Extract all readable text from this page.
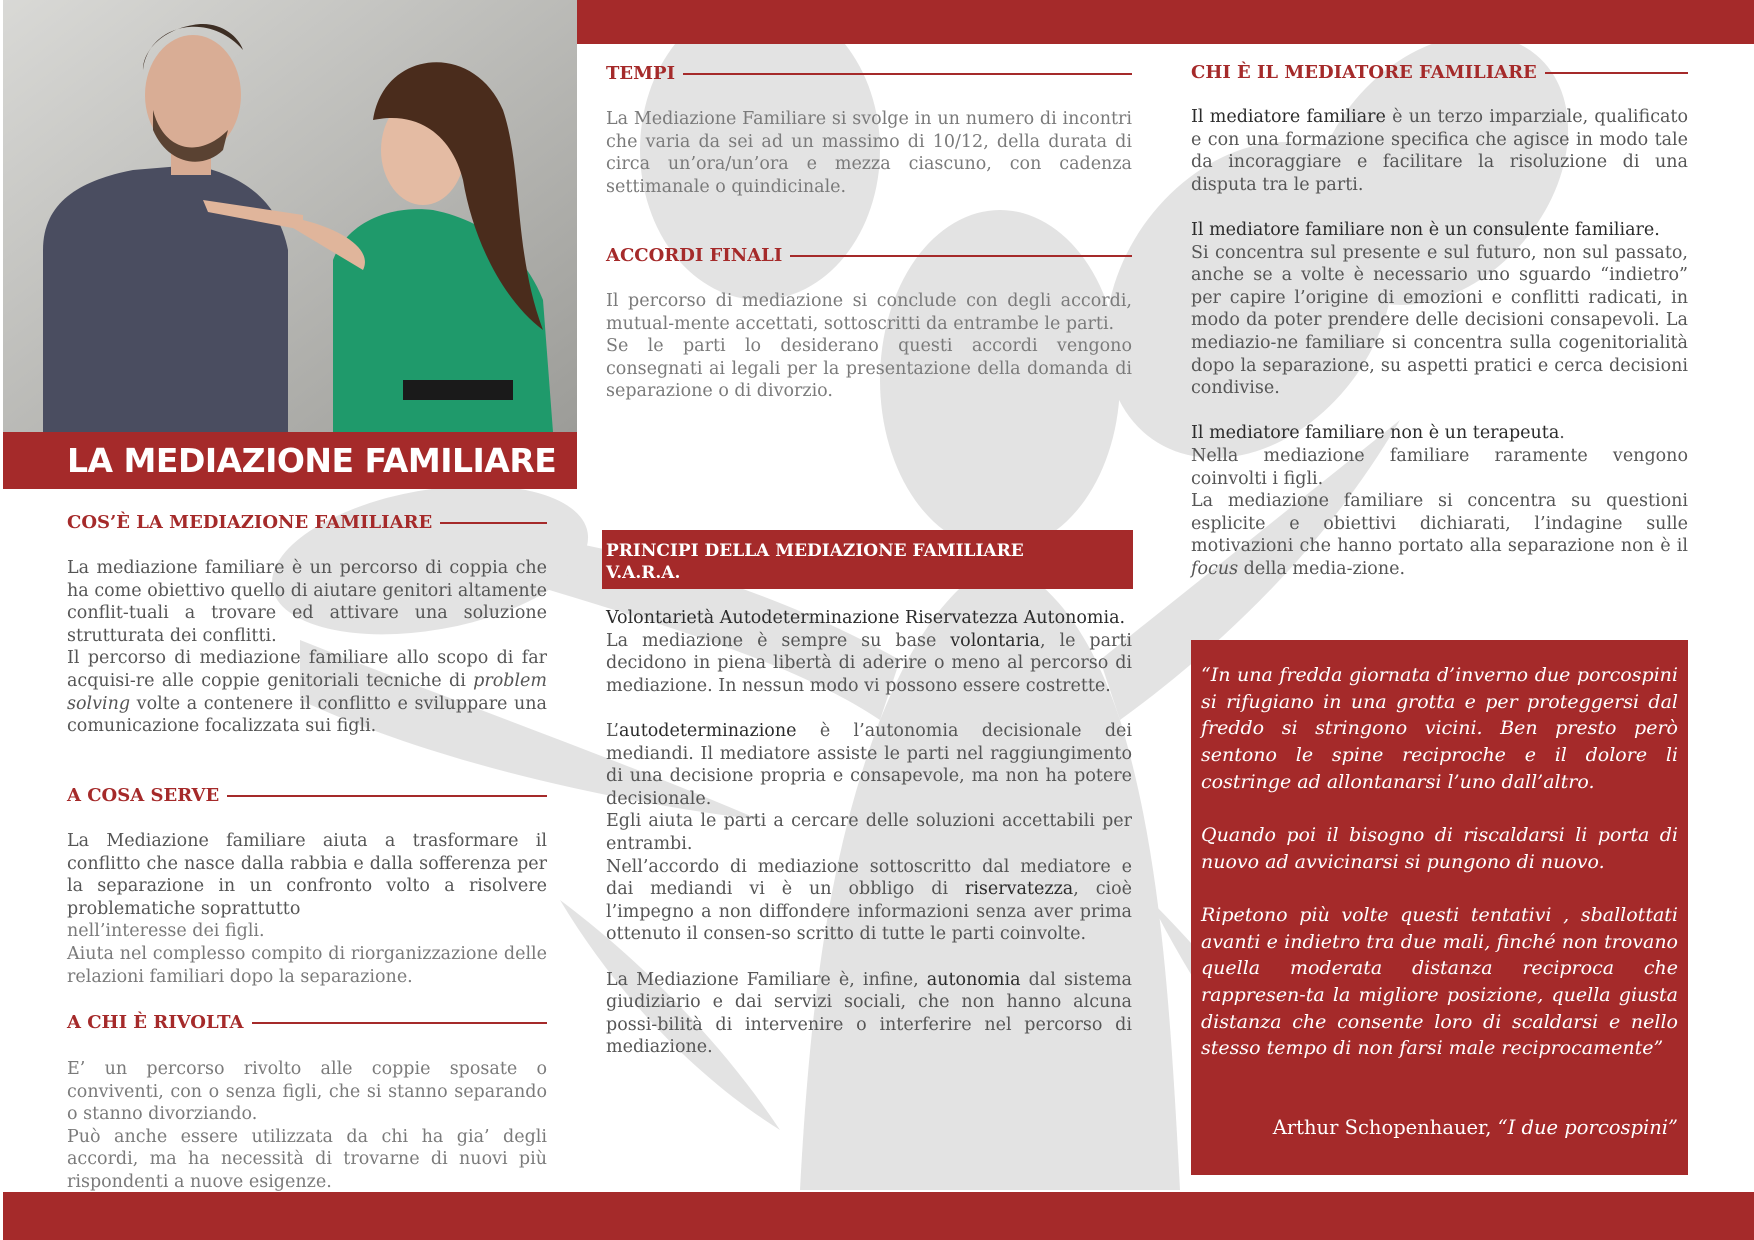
LA MEDIAZIONE FAMILIARE
COS’È LA MEDIAZIONE FAMILIARE
La mediazione familiare è un percorso di coppia che ha come obiettivo quello di aiutare genitori altamente conflit-tuali a trovare ed attivare una soluzione strutturata dei conflitti.
Il percorso di mediazione familiare allo scopo di far acquisi-re alle coppie genitoriali tecniche di problem solving volte a contenere il conflitto e sviluppare una comunicazione focalizzata sui figli.
A COSA SERVE
La Mediazione familiare aiuta a trasformare il conflitto che nasce dalla rabbia e dalla sofferenza per la separazione in un confronto volto a risolvere problematiche soprattutto
nell’interesse dei figli.
Aiuta nel complesso compito di riorganizzazione delle relazioni familiari dopo la separazione.
A CHI È RIVOLTA
E’ un percorso rivolto alle coppie sposate o conviventi, con o senza figli, che si stanno separando o stanno divorziando.
Può anche essere utilizzata da chi ha gia’ degli accordi, ma ha necessità di trovarne di nuovi più rispondenti a nuove esigenze.
TEMPI
La Mediazione Familiare si svolge in un numero di incontri che varia da sei ad un massimo di 10/12, della durata di circa un’ora/un’ora e mezza ciascuno, con cadenza settimanale o quindicinale.
ACCORDI FINALI
Il percorso di mediazione si conclude con degli accordi, mutual-mente accettati, sottoscritti da entrambe le parti.
Se le parti lo desiderano questi accordi vengono consegnati ai legali per la presentazione della domanda di separazione o di divorzio.
PRINCIPI DELLA MEDIAZIONE FAMILIARE
V.A.R.A.
Volontarietà Autodeterminazione Riservatezza Autonomia.
La mediazione è sempre su base volontaria, le parti decidono in piena libertà di aderire o meno al percorso di mediazione. In nessun modo vi possono essere costrette.
L’autodeterminazione è l’autonomia decisionale dei mediandi. Il mediatore assiste le parti nel raggiungimento di una decisione propria e consapevole, ma non ha potere decisionale.
Egli aiuta le parti a cercare delle soluzioni accettabili per entrambi.
Nell’accordo di mediazione sottoscritto dal mediatore e dai mediandi vi è un obbligo di riservatezza, cioè l’impegno a non diffondere informazioni senza aver prima ottenuto il consen-so scritto di tutte le parti coinvolte.
La Mediazione Familiare è, infine, autonomia dal sistema giudiziario e dai servizi sociali, che non hanno alcuna possi-bilità di intervenire o interferire nel percorso di mediazione.
CHI È IL MEDIATORE FAMILIARE
Il mediatore familiare è un terzo imparziale, qualificato e con una formazione specifica che agisce in modo tale da incoraggiare e facilitare la risoluzione di una disputa tra le parti.
Il mediatore familiare non è un consulente familiare.
Si concentra sul presente e sul futuro, non sul passato, anche se a volte è necessario uno sguardo “indietro” per capire l’origine di emozioni e conflitti radicati, in modo da poter prendere delle decisioni consapevoli. La mediazio-ne familiare si concentra sulla cogenitorialità dopo la separazione, su aspetti pratici e cerca decisioni condivise.
Il mediatore familiare non è un terapeuta.
Nella mediazione familiare raramente vengono coinvolti i figli.
La mediazione familiare si concentra su questioni esplicite e obiettivi dichiarati, l’indagine sulle motivazioni che hanno portato alla separazione non è il focus della media-zione.

“In una fredda giornata d’inverno due porcospini si rifugiano in una grotta e per proteggersi dal freddo si stringono vicini. Ben presto però sentono le spine reciproche e il dolore li costringe ad allontanarsi l’uno dall’altro.

Quando poi il bisogno di riscaldarsi li porta di nuovo ad avvicinarsi si pungono di nuovo.

Ripetono più volte questi tentativi , sballottati avanti e indietro tra due mali, finché non trovano quella moderata distanza reciproca che rappresen-ta la migliore posizione, quella giusta distanza che consente loro di scaldarsi e nello stesso tempo di non farsi male reciprocamente”

Arthur Schopenhauer, “I due porcospini”
